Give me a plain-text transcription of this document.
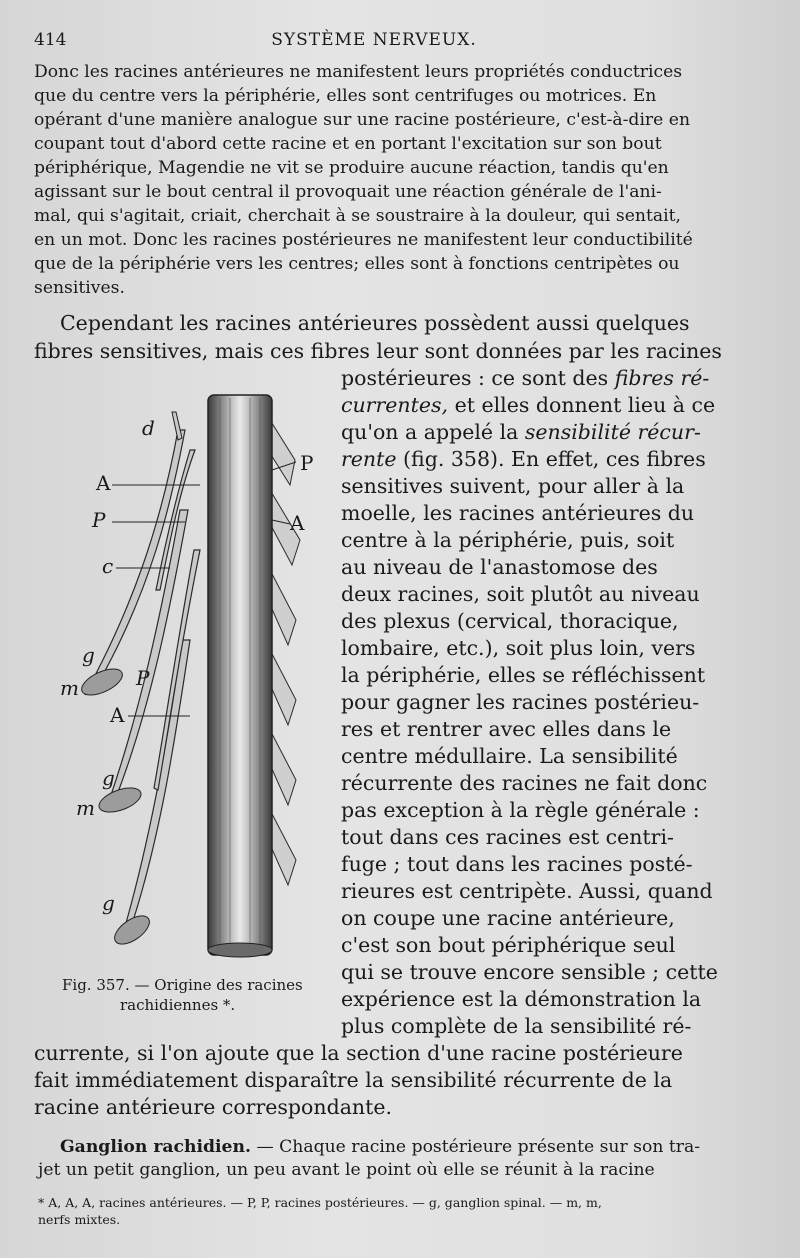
414	SYSTÈME NERVEUX.
Donc les racines antérieures ne manifestent leurs propriétés conductrices
que du centre vers la périphérie, elles sont centrifuges ou motrices. En
opérant d'une manière analogue sur une racine postérieure, c'est-à-dire en
coupant tout d'abord cette racine et en portant l'excitation sur son bout
périphérique, Magendie ne vit se produire aucune réaction, tandis qu'en
agissant sur le bout central il provoquait une réaction générale de l'ani-
mal, qui s'agitait, criait, cherchait à se soustraire à la douleur, qui sentait,
en un mot. Donc les racines postérieures ne manifestent leur conductibilité
que de la périphérie vers les centres; elles sont à fonctions centripètes ou
sensitives.
Cependant les racines antérieures possèdent aussi quelques
fibres sensitives, mais ces fibres leur sont données par les racines
postérieures : ce sont des fibres ré-
currentes, et elles donnent lieu à ce
qu'on a appelé la sensibilité récur-
rente (fig. 358). En effet, ces fibres
sensitives suivent, pour aller à la
moelle, les racines antérieures du
centre à la périphérie, puis, soit
au niveau de l'anastomose des
deux racines, soit plutôt au niveau
des plexus (cervical, thoracique,
lombaire, etc.), soit plus loin, vers
la périphérie, elles se réfléchissent
pour gagner les racines postérieu-
res et rentrer avec elles dans le
centre médullaire. La sensibilité
récurrente des racines ne fait donc
pas exception à la règle générale :
tout dans ces racines est centri-
fuge ; tout dans les racines posté-
rieures est centripète. Aussi, quand
on coupe une racine antérieure,
c'est son bout périphérique seul
qui se trouve encore sensible ; cette
expérience est la démonstration la
plus complète de la sensibilité ré-
currente, si l'on ajoute que la section d'une racine postérieure
fait immédiatement disparaître la sensibilité récurrente de la
racine antérieure correspondante.
d
A
P
c
g
m	P
A
g
m
g
P
A
Fig. 357. — Origine des racines
rachidiennes *.
Ganglion rachidien. — Chaque racine postérieure présente sur son tra-
jet un petit ganglion, un peu avant le point où elle se réunit à la racine
* A, A, A, racines antérieures. — P, P, racines postérieures. — g, ganglion spinal. — m, m,
nerfs mixtes.
